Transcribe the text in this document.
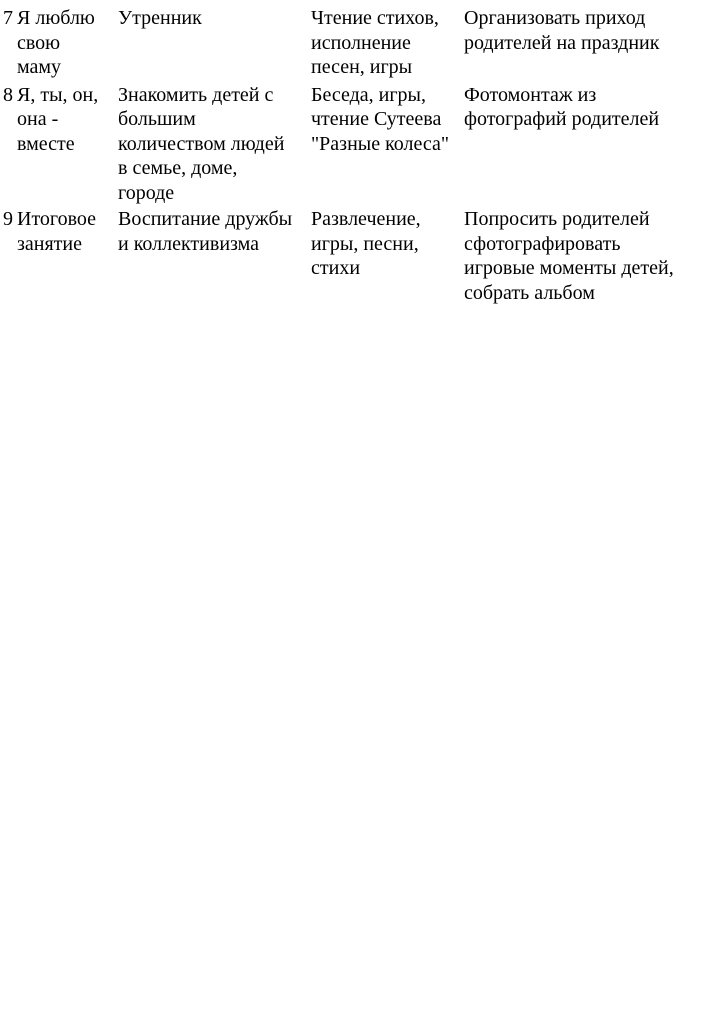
7 Я люблю
свою
маму
Утренник	Чтение стихов,
исполнение
песен, игры
Организовать приход
родителей на праздник
8 Я, ты, он,
она -
вместе
Знакомить детей с
большим
количеством людей
в семье, доме,
городе
Беседа, игры,
чтение Сутеева
"Разные колеса"
Фотомонтаж из
фотографий родителей
9 Итоговое
занятие
Воспитание дружбы
и коллективизма
Развлечение,
игры, песни,
стихи
Попросить родителей
сфотографировать
игровые моменты детей,
собрать альбом
